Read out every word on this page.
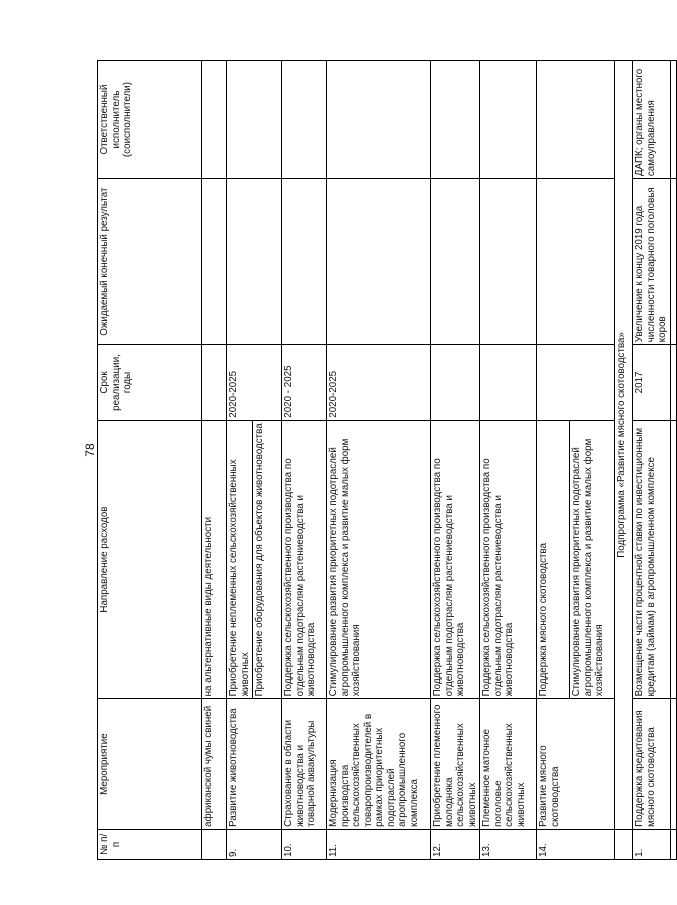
78
№ п/п	Мероприятие	Направление расходов	Срок реализации, годы	Ожидаемый конечный результат	Ответственный исполнитель (соисполнители)
	африканской чумы свиней	на альтернативные виды деятельности			
9.	Развитие животноводства	Приобретение неплеменных сельскохозяйственных животных Приобретение оборудования для объектов животноводства	2020-2025		
10.	Страхование в области животноводства и товарной аквакультуры	Поддержка сельскохозяйственного производства по отдельным подотраслям растениеводства и животноводства	2020 - 2025		
11.	Модернизация производства сельскохозяйственных товаропроизводителей в рамках приоритетных подотраслей агропромышленного комплекса	Стимулирование развития приоритетных подотраслей агропромышленного комплекса и развитие малых форм хозяйствования	2020-2025		
12.	Приобретение племенного молодняка сельскохозяйственных животных	Поддержка сельскохозяйственного производства по отдельным подотраслям растениеводства и животноводства			
13.	Племенное маточное поголовье сельскохозяйственных животных	Поддержка сельскохозяйственного производства по отдельным подотраслям растениеводства и животноводства			
14.	Развитие мясного скотоводства	Поддержка мясного скотоводства Стимулирование развития приоритетных подотраслей агропромышленного комплекса и развитие малых форм хозяйствования			

	Подпрограмма «Развитие мясного скотоводства»				
1.	Поддержка кредитования мясного скотоводства	Возмещение части процентной ставки по инвестиционным кредитам (займам) в агропромышленном комплексе	2017	Увеличение к концу 2019 года численности товарного поголовья коров	ДАПК; органы местного самоуправления
